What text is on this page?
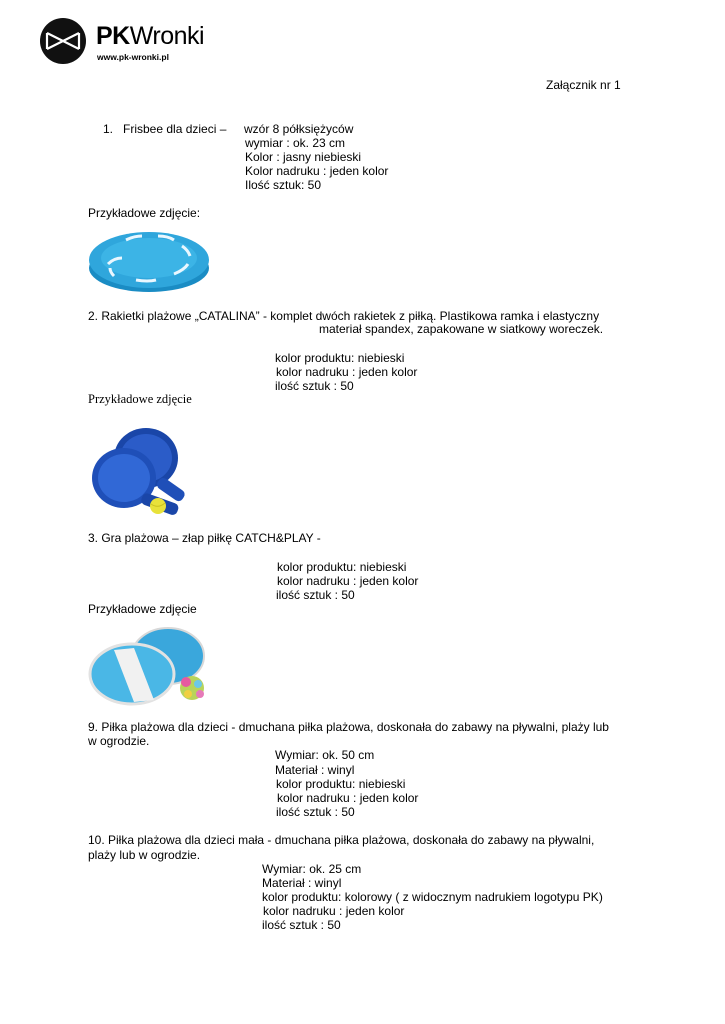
PKWronki
www.pk-wronki.pl
Załącznik nr 1
1. Frisbee dla dzieci – wzór 8 półksiężyców
wymiar : ok. 23 cm
Kolor : jasny niebieski
Kolor nadruku : jeden kolor
Ilość sztuk: 50
Przykładowe zdjęcie:
2. Rakietki plażowe „CATALINA” - komplet dwóch rakietek z piłką. Plastikowa ramka i elastyczny
materiał spandex, zapakowane w siatkowy woreczek.
kolor produktu: niebieski
kolor nadruku : jeden kolor
ilość sztuk : 50
Przykładowe zdjęcie
3. Gra plażowa – złap piłkę CATCH&PLAY -
kolor produktu: niebieski
kolor nadruku : jeden kolor
ilość sztuk : 50
Przykładowe zdjęcie
9. Piłka plażowa dla dzieci - dmuchana piłka plażowa, doskonała do zabawy na pływalni, plaży lub
w ogrodzie.
Wymiar: ok. 50 cm
Materiał : winyl
kolor produktu: niebieski
kolor nadruku : jeden kolor
ilość sztuk : 50
10. Piłka plażowa dla dzieci mała - dmuchana piłka plażowa, doskonała do zabawy na pływalni,
plaży lub w ogrodzie.
Wymiar: ok. 25 cm
Materiał : winyl
kolor produktu: kolorowy ( z widocznym nadrukiem logotypu PK)
kolor nadruku : jeden kolor
ilość sztuk : 50
